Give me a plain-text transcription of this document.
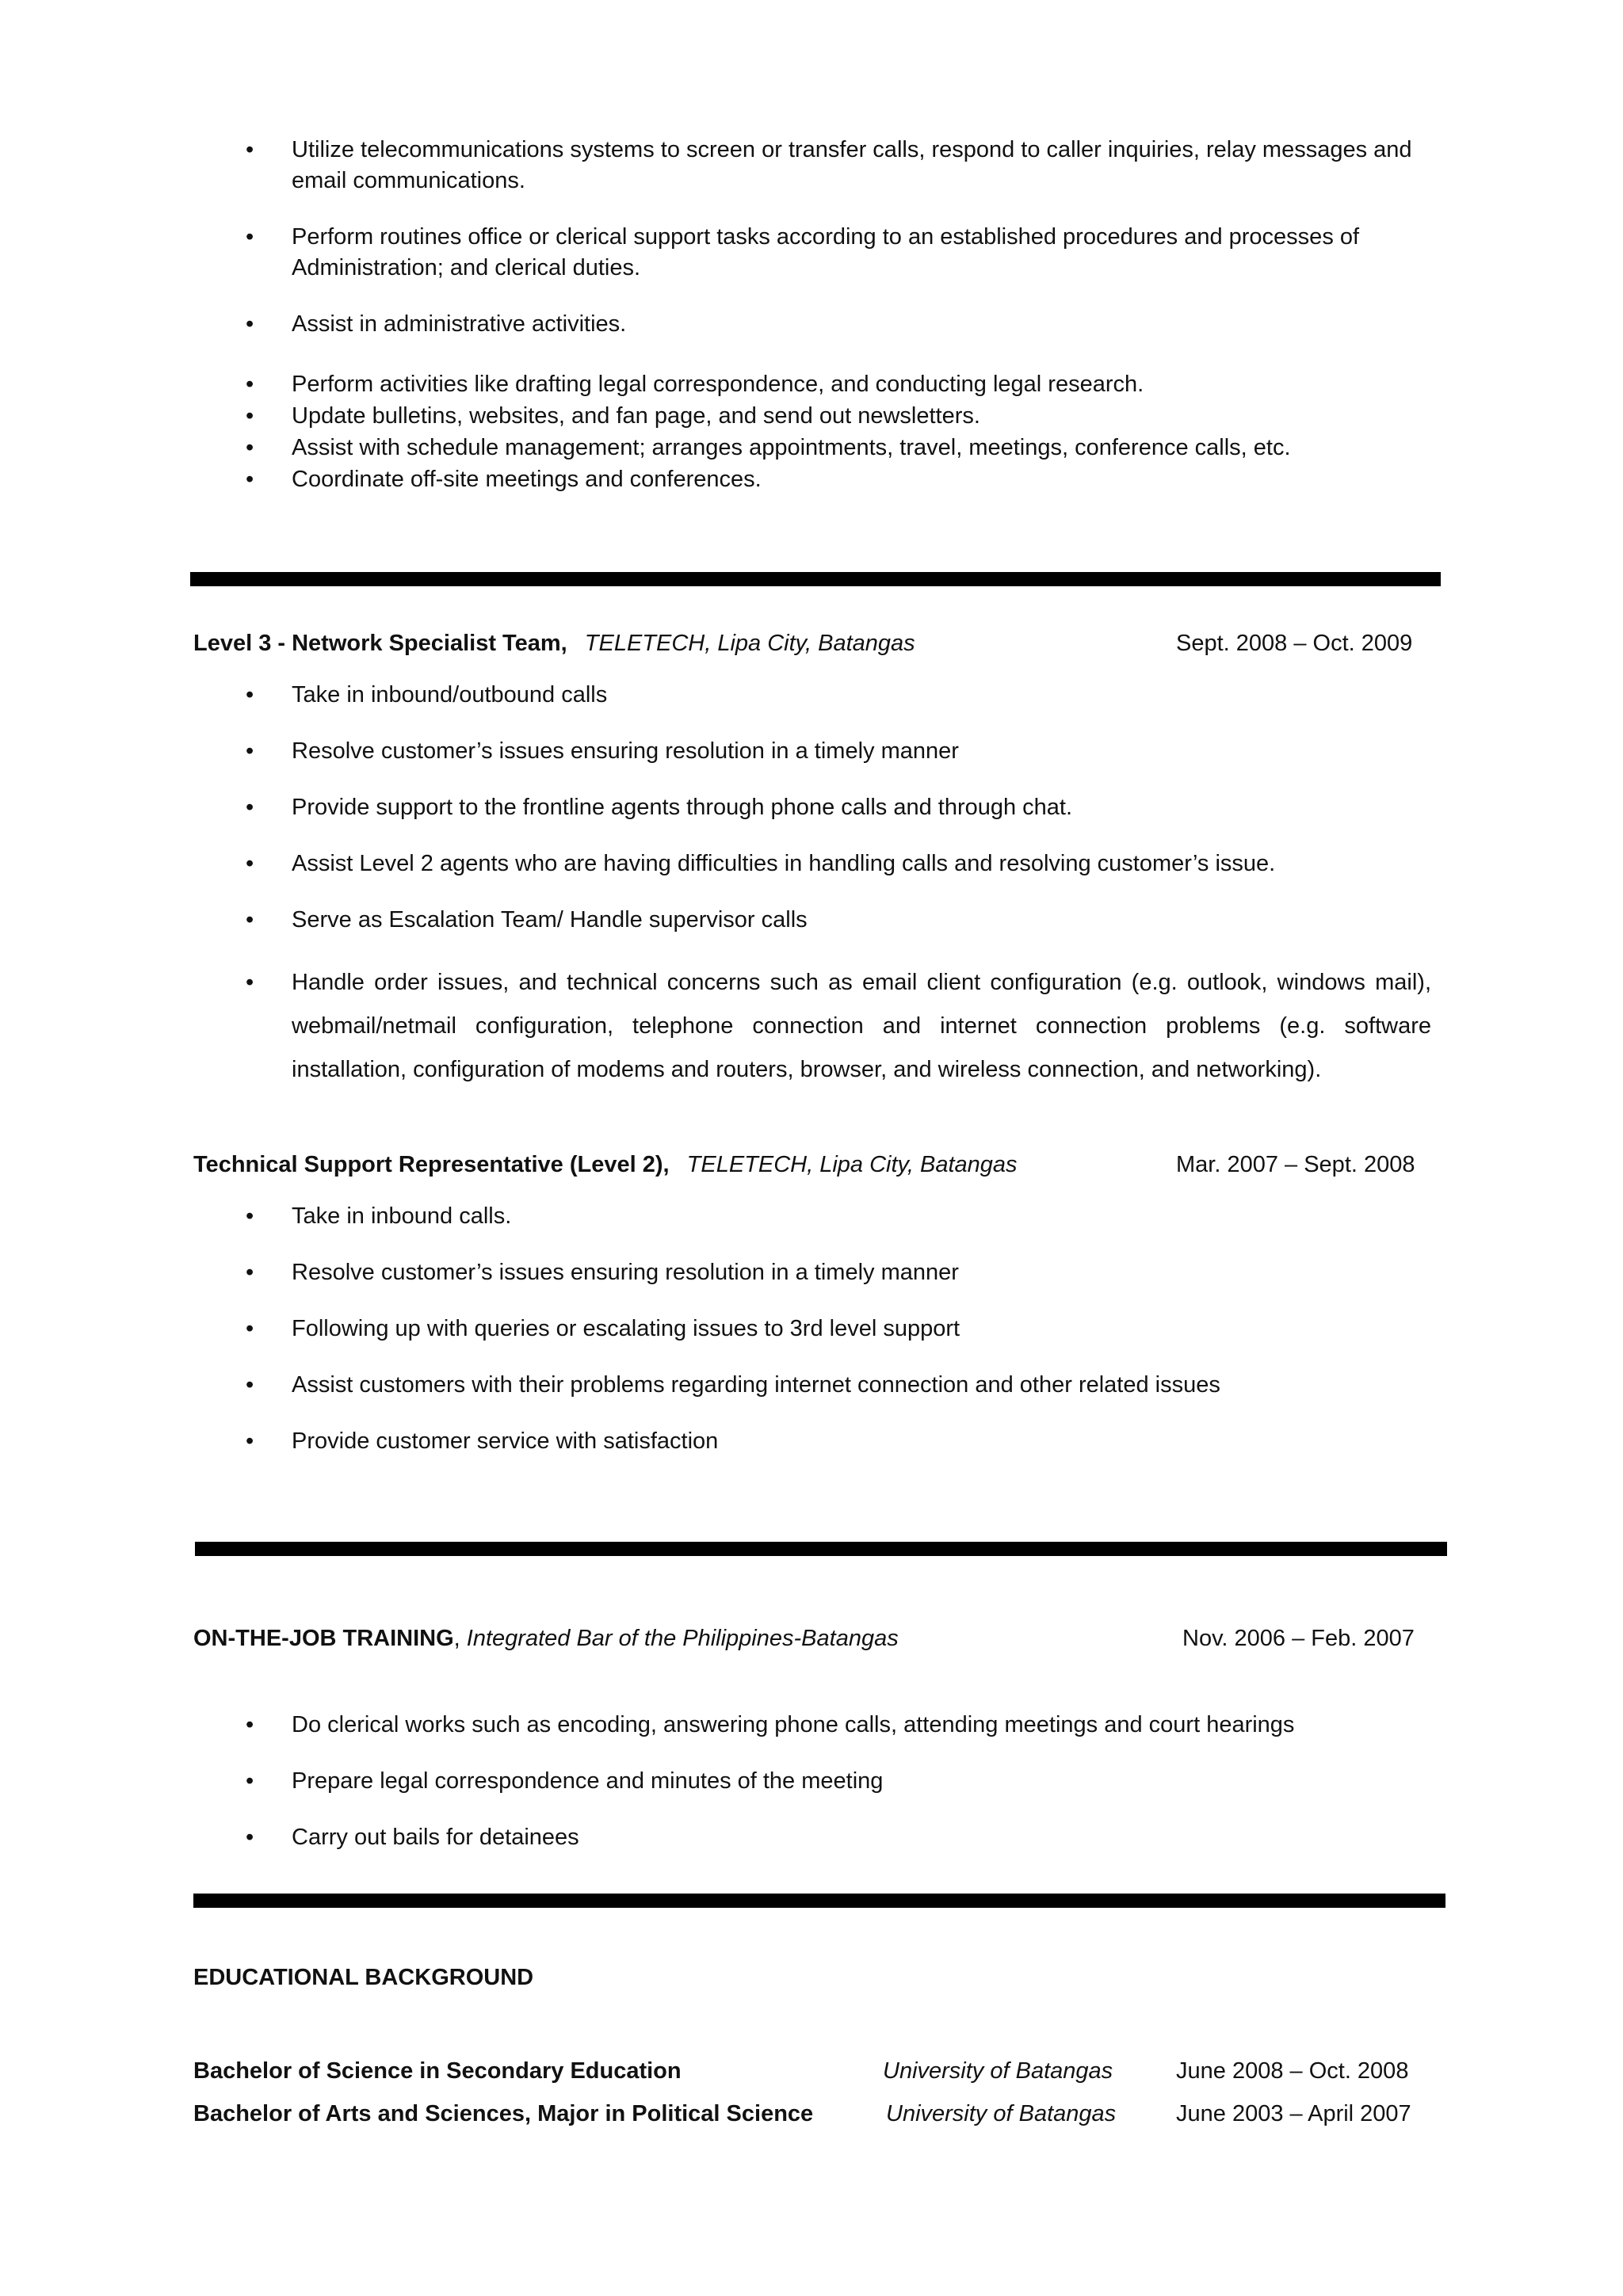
• Utilize telecommunications systems to screen or transfer calls, respond to caller inquiries, relay messages and email communications.
• Perform routines office or clerical support tasks according to an established procedures and processes of Administration; and clerical duties.
• Assist in administrative activities.
• Perform activities like drafting legal correspondence, and conducting legal research.
• Update bulletins, websites, and fan page, and send out newsletters.
• Assist with schedule management; arranges appointments, travel, meetings, conference calls, etc.
• Coordinate off-site meetings and conferences.
Level 3 - Network Specialist Team, TELETECH, Lipa City, Batangas	Sept. 2008 – Oct. 2009
• Take in inbound/outbound calls
• Resolve customer’s issues ensuring resolution in a timely manner
• Provide support to the frontline agents through phone calls and through chat.
• Assist Level 2 agents who are having difficulties in handling calls and resolving customer’s issue.
• Serve as Escalation Team/ Handle supervisor calls
• Handle order issues, and technical concerns such as email client configuration (e.g. outlook, windows mail), webmail/netmail configuration, telephone connection and internet connection problems (e.g. software installation, configuration of modems and routers, browser, and wireless connection, and networking).
Technical Support Representative (Level 2), TELETECH, Lipa City, Batangas	Mar. 2007 – Sept. 2008
• Take in inbound calls.
• Resolve customer’s issues ensuring resolution in a timely manner
• Following up with queries or escalating issues to 3rd level support
• Assist customers with their problems regarding internet connection and other related issues
• Provide customer service with satisfaction
ON-THE-JOB TRAINING, Integrated Bar of the Philippines-Batangas	Nov. 2006 – Feb. 2007
• Do clerical works such as encoding, answering phone calls, attending meetings and court hearings
• Prepare legal correspondence and minutes of the meeting
• Carry out bails for detainees
EDUCATIONAL BACKGROUND
Bachelor of Science in Secondary Education	University of Batangas	June 2008 – Oct. 2008
Bachelor of Arts and Sciences, Major in Political Science	University of Batangas	June 2003 – April 2007
